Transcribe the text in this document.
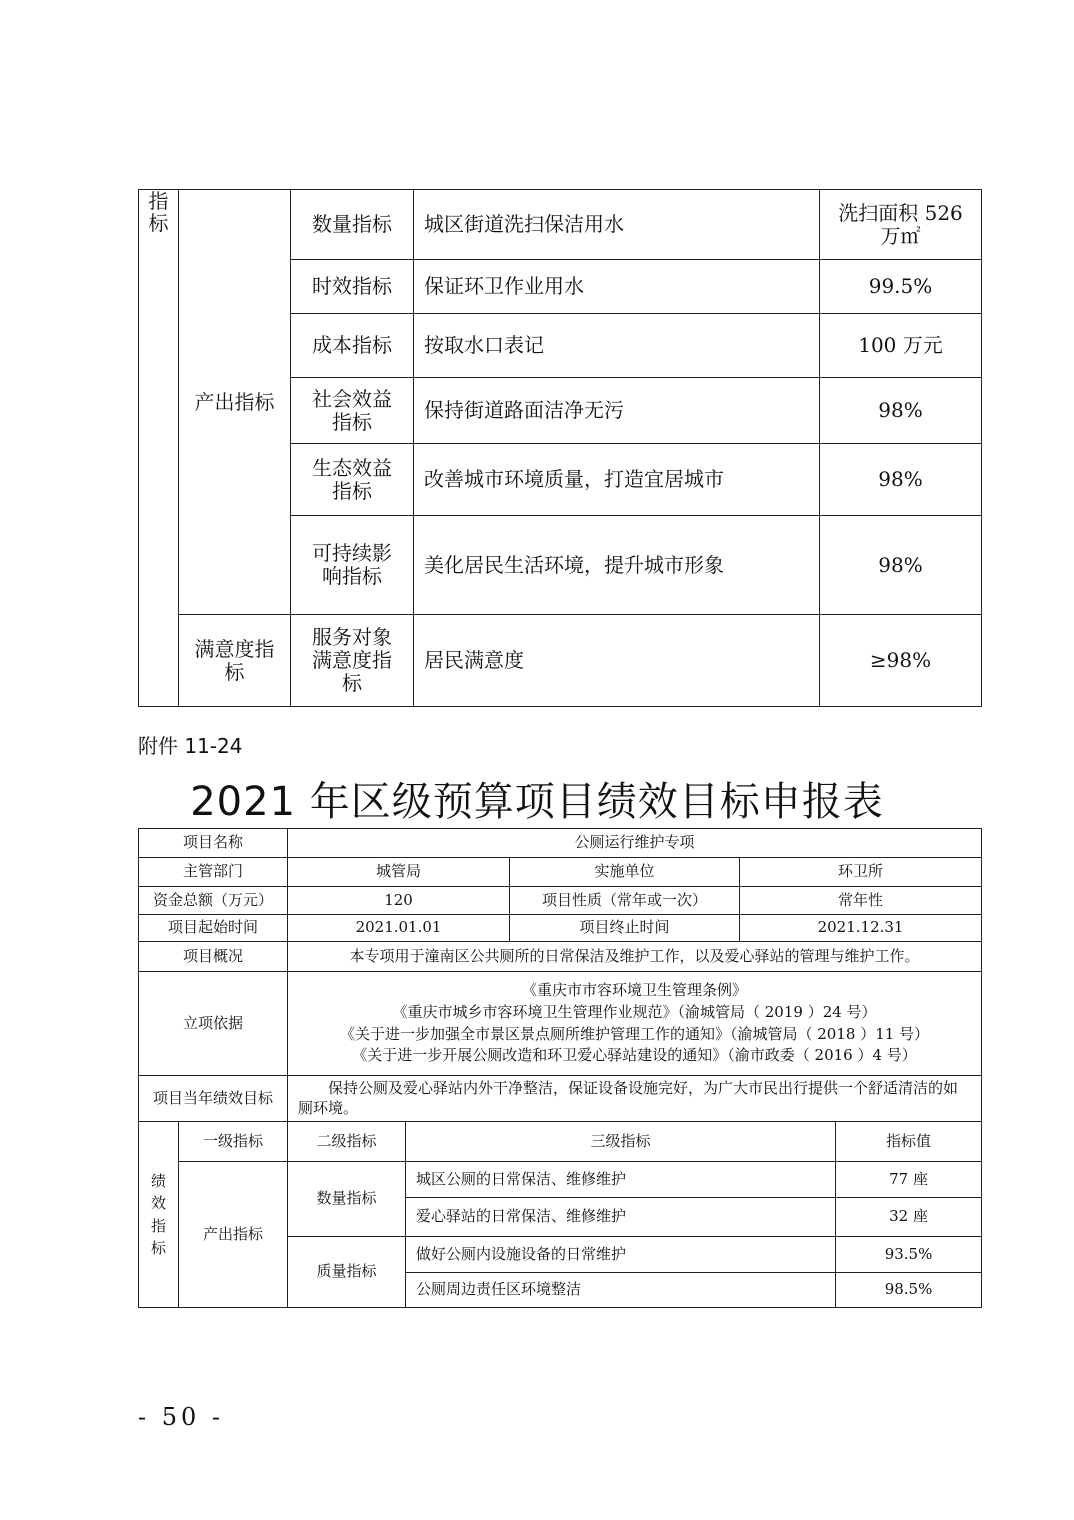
指标	产出指标	数量指标	城区街道洗扫保洁用水	洗扫面积 526 万㎡
		时效指标	保证环卫作业用水	99.5%
		成本指标	按取水口表记	100 万元
		社会效益指标	保持街道路面洁净无污	98%
		生态效益指标	改善城市环境质量，打造宜居城市	98%
		可持续影响指标	美化居民生活环境，提升城市形象	98%
	满意度指标	服务对象满意度指标	居民满意度	≥98%
附件 11-24
2021 年区级预算项目绩效目标申报表
项目名称		公厕运行维护专项				
主管部门		城管局		实施单位	环卫所	
资金总额（万元）		120		项目性质（常年或一次）	常年性	
项目起始时间		2021.01.01		项目终止时间	2021.12.31	
项目概况		本专项用于潼南区公共厕所的日常保洁及维护工作，以及爱心驿站的管理与维护工作。				
立项依据		《重庆市市容环境卫生管理条例》
《重庆市城乡市容环境卫生管理作业规范》（渝城管局（ 2019 ）24 号）
《关于进一步加强全市景区景点厕所维护管理工作的通知》（渝城管局（ 2018 ）11 号）
《关于进一步开展公厕改造和环卫爱心驿站建设的通知》（渝市政委（ 2016 ）4 号）				

项目当年绩效目标		保持公厕及爱心驿站内外干净整洁，保证设备设施完好，为广大市民出行提供一个舒适清洁的如厕环境。				

绩效指标	一级指标	二级指标	三级指标			指标值
	产出指标	数量指标	城区公厕的日常保洁、维修维护			77 座
			爱心驿站的日常保洁、维修维护			32 座
		质量指标	做好公厕内设施设备的日常维护			93.5%
			公厕周边责任区环境整洁			98.5%
- 50 -
